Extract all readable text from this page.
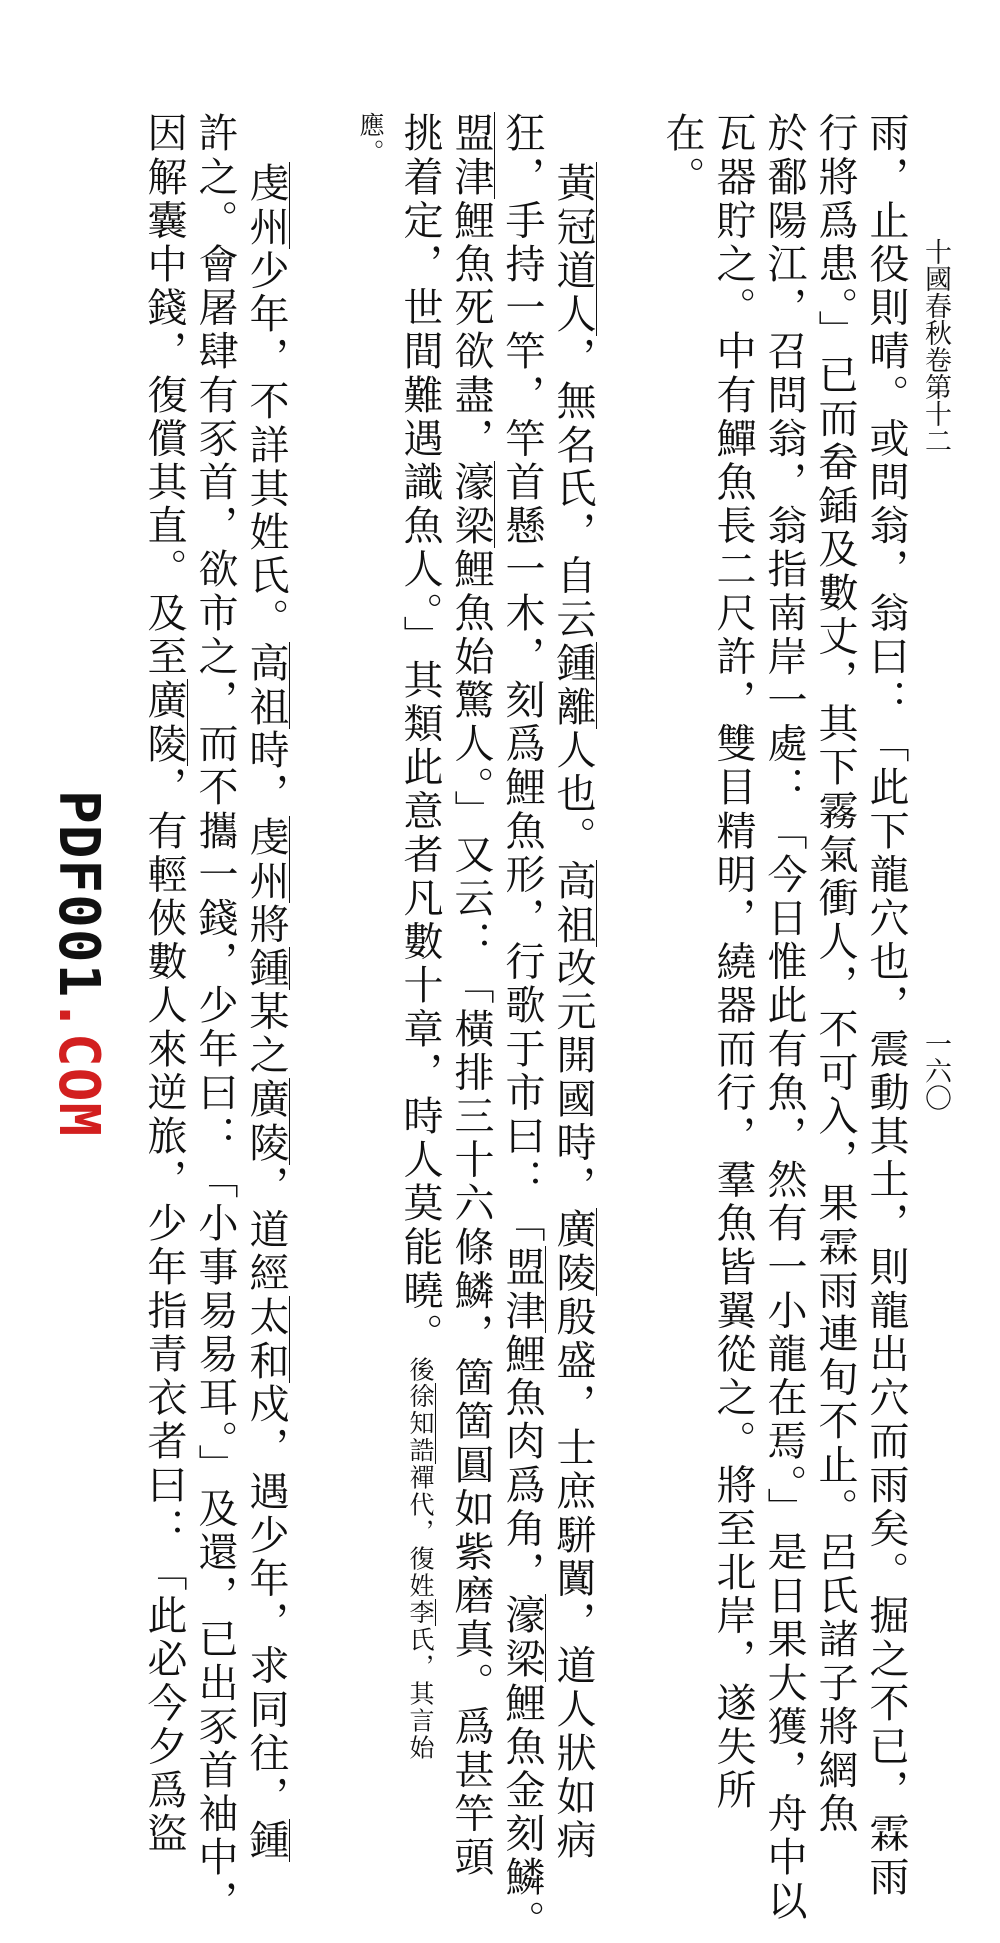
十國春秋卷第十二
一六〇
雨，止役則晴。或問翁，翁曰：「此下龍穴也，震動其土，則龍出穴而雨矣。掘之不已，霖雨
行將爲患。」已而畚鍤及數丈，其下霧氣衝人，不可入，果霖雨連旬不止。呂氏諸子將網魚
於鄱陽江，召問翁，翁指南岸一處：「今日惟此有魚，然有一小龍在焉。」是日果大獲，舟中以
瓦器貯之。中有鱓魚長二尺許，雙目精明，繞器而行，羣魚皆翼從之。將至北岸，遂失所
在。
黃冠道人，無名氏，自云鍾離人也。高祖改元開國時，廣陵殷盛，士庶駢闐，道人狀如病
狂，手持一竿，竿首懸一木，刻爲鯉魚形，行歌于市曰：「盟津鯉魚肉爲角，濠梁鯉魚金刻鱗。
盟津鯉魚死欲盡，濠梁鯉魚始驚人。」又云：「橫排三十六條鱗，箇箇圓如紫磨真。爲甚竿頭
挑着定，世間難遇識魚人。」其類此意者凡數十章，時人莫能曉。後徐知誥禪代，復姓李氏，其言始
應。
虔州少年，不詳其姓氏。高祖時，虔州將鍾某之廣陵，道經太和戍，遇少年，求同往，鍾
許之。會屠肆有豕首，欲市之，而不攜一錢，少年曰：「小事易易耳。」及還，已出豕首袖中，
因解囊中錢，復償其直。及至廣陵，有輕俠數人來逆旅，少年指青衣者曰：「此必今夕爲盜
PDF001.COM
